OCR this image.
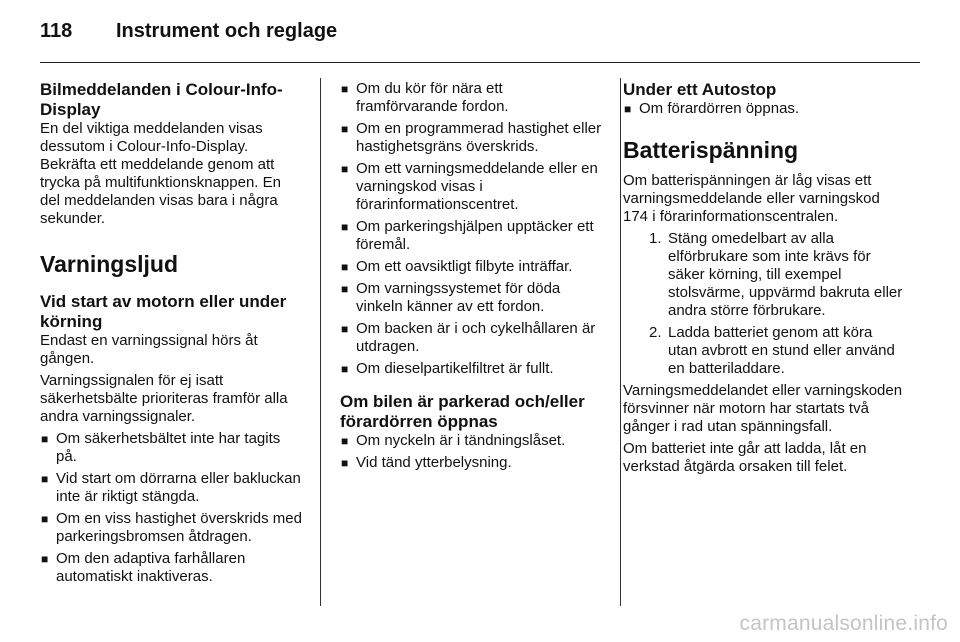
118 Instrument och reglage
Bilmeddelanden i Colour-Info-Display

En del viktiga meddelanden visas dessutom i Colour-Info-Display. Bekräfta ett meddelande genom att trycka på multifunktionsknappen. En del meddelanden visas bara i några sekunder.

Varningsljud
Vid start av motorn eller under körning

Endast en varningssignal hörs åt gången.

Varningssignalen för ej isatt säkerhetsbälte prioriteras framför alla andra varningssignaler.

■ Om säkerhetsbältet inte har tagits på.
■ Vid start om dörrarna eller bakluckan inte är riktigt stängda.
■ Om en viss hastighet överskrids med parkeringsbromsen åtdragen.
■ Om den adaptiva farhållaren automatiskt inaktiveras.
■ Om du kör för nära ett framförvarande fordon.
■ Om en programmerad hastighet eller hastighetsgräns överskrids.
■ Om ett varningsmeddelande eller en varningskod visas i förarinformationscentret.
■ Om parkeringshjälpen upptäcker ett föremål.
■ Om ett oavsiktligt filbyte inträffar.
■ Om varningssystemet för döda vinkeln känner av ett fordon.
■ Om backen är i och cykelhållaren är utdragen.
■ Om dieselpartikelfiltret är fullt.
Om bilen är parkerad och/eller förardörren öppnas
■ Om nyckeln är i tändningslåset.
■ Vid tänd ytterbelysning.
Under ett Autostop
■ Om förardörren öppnas.
Batterispänning

Om batterispänningen är låg visas ett varningsmeddelande eller varningskod 174 i förarinformationscentralen.

1. Stäng omedelbart av alla elförbrukare som inte krävs för säker körning, till exempel stolsvärme, uppvärmd bakruta eller andra större förbrukare.
2. Ladda batteriet genom att köra utan avbrott en stund eller använd en batteriladdare.

Varningsmeddelandet eller varningskoden försvinner när motorn har startats två gånger i rad utan spänningsfall.

Om batteriet inte går att ladda, låt en verkstad åtgärda orsaken till felet.

carmanualsonline.info
